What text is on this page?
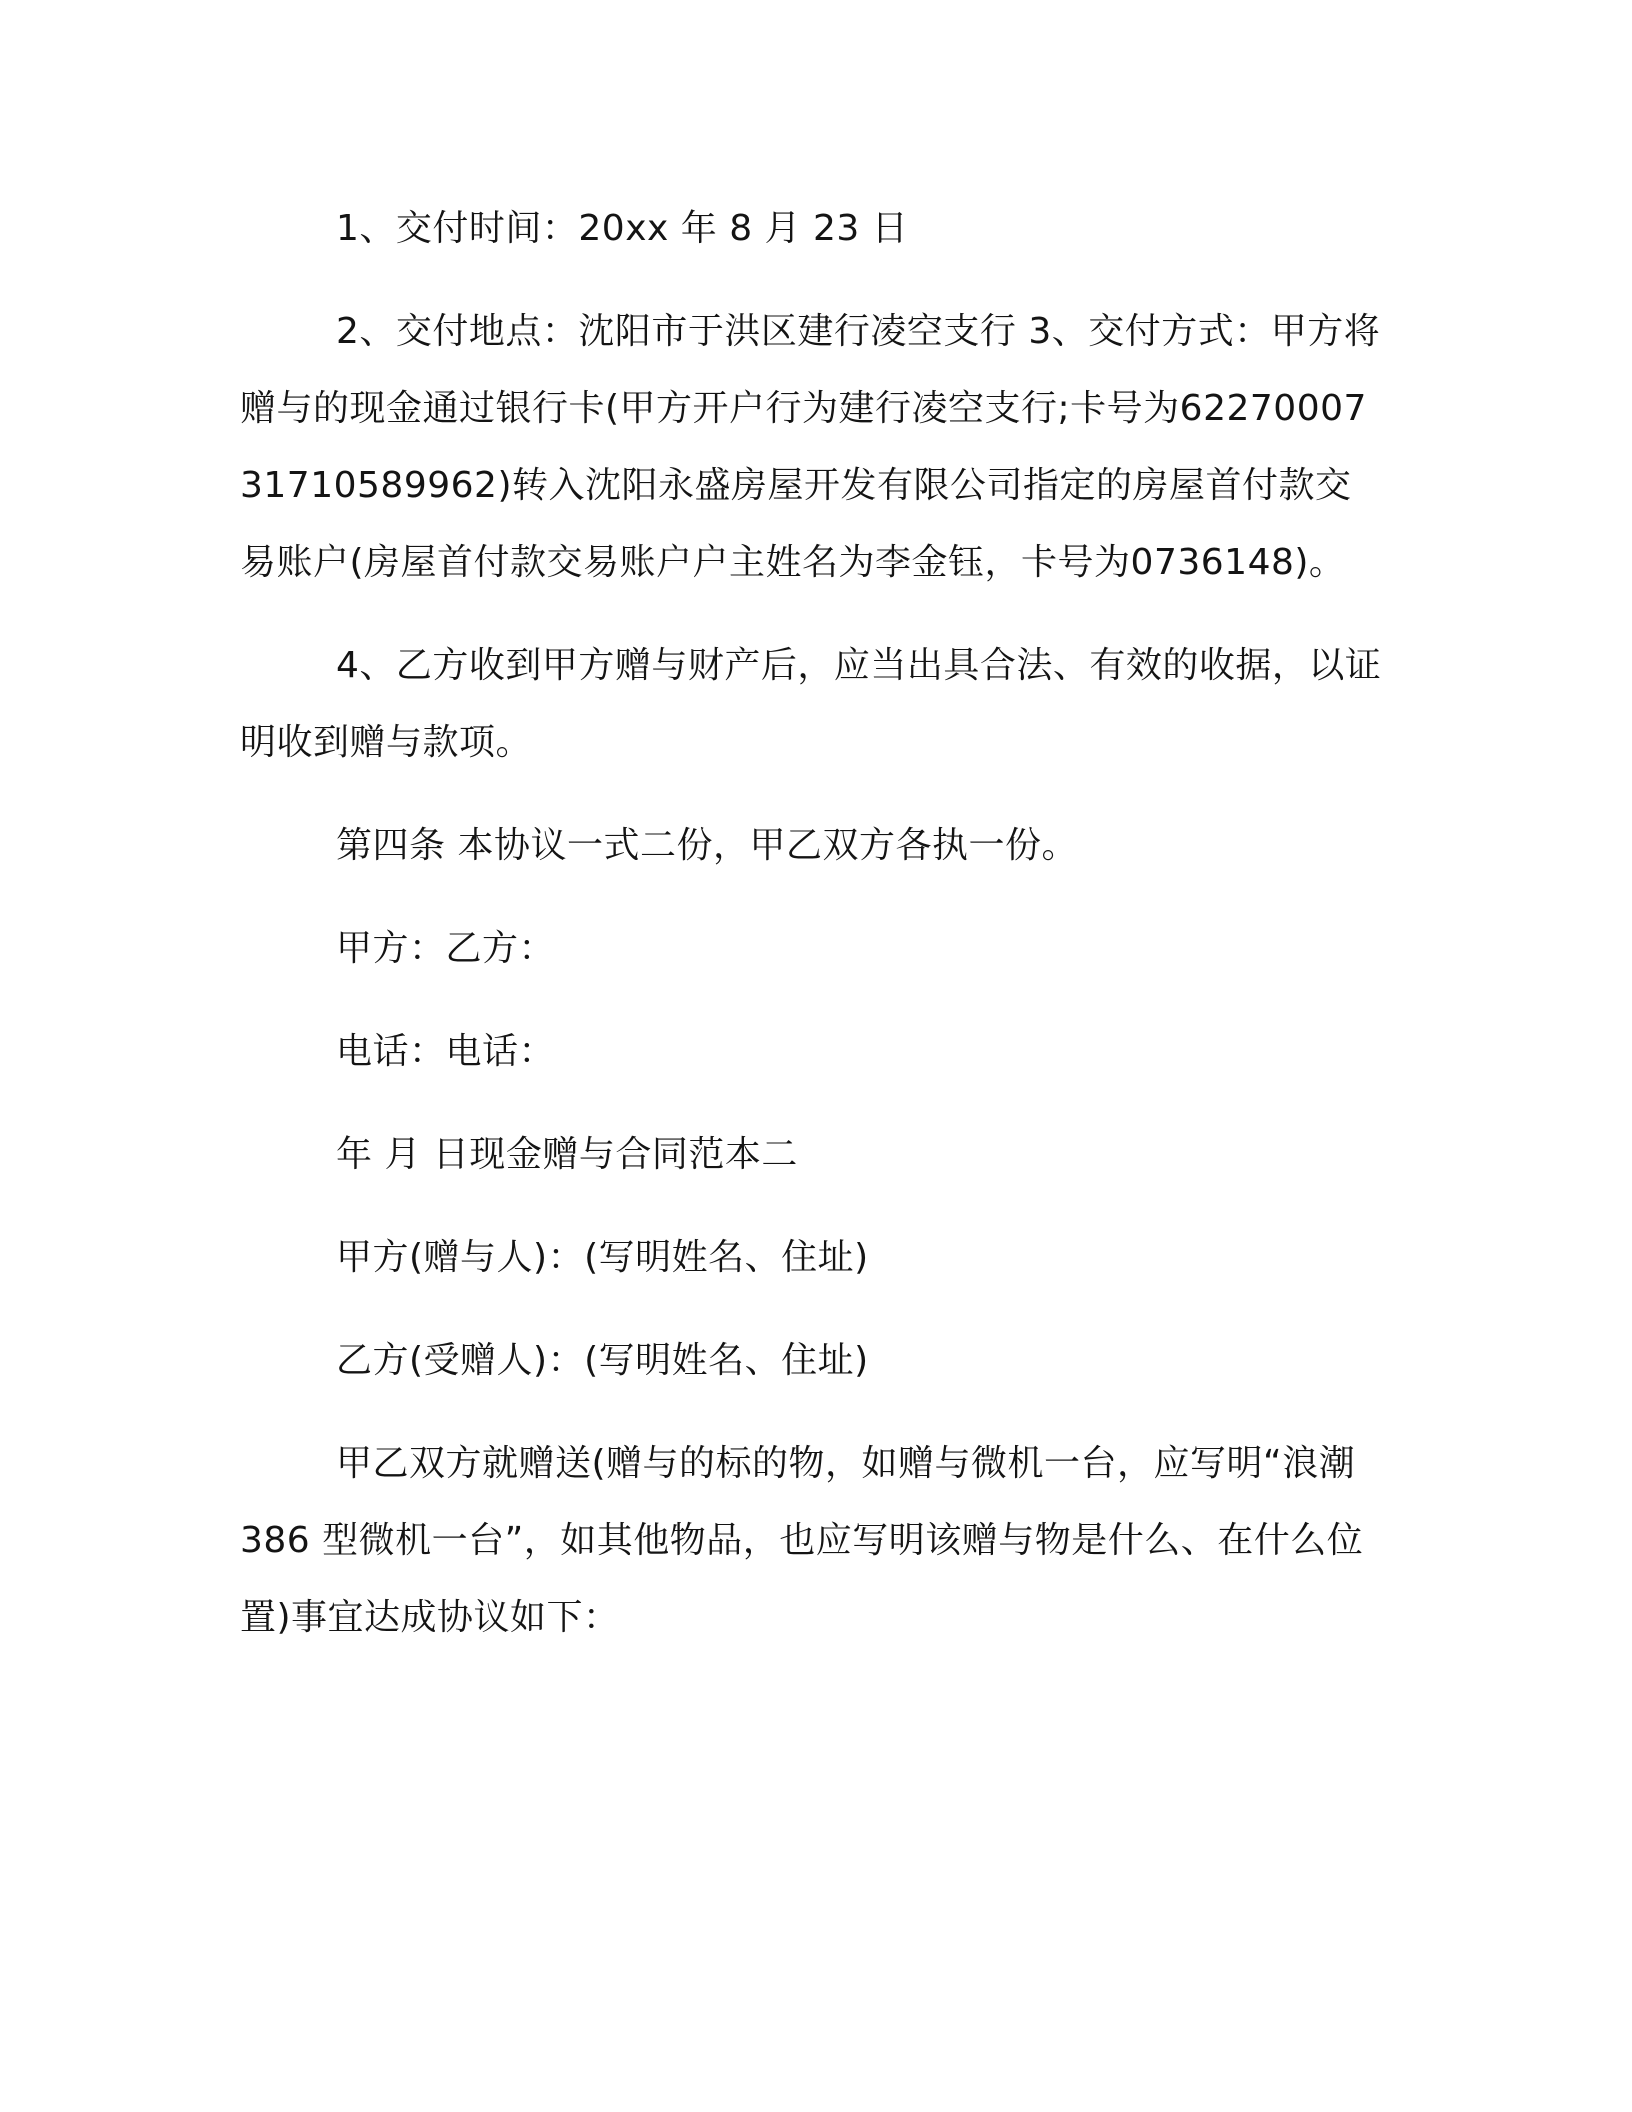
1、交付时间：20xx 年 8 月 23 日

2、交付地点：沈阳市于洪区建行凌空支行 3、交付方式：甲方将赠与的现金通过银行卡(甲方开户行为建行凌空支行;卡号为6227000731710589962)转入沈阳永盛房屋开发有限公司指定的房屋首付款交易账户(房屋首付款交易账户户主姓名为李金钰，卡号为0736148)。

4、乙方收到甲方赠与财产后，应当出具合法、有效的收据，以证明收到赠与款项。

第四条 本协议一式二份，甲乙双方各执一份。

甲方：乙方：

电话：电话：

年 月 日现金赠与合同范本二

甲方(赠与人)：(写明姓名、住址)

乙方(受赠人)：(写明姓名、住址)

甲乙双方就赠送(赠与的标的物，如赠与微机一台，应写明“浪潮 386 型微机一台”，如其他物品，也应写明该赠与物是什么、在什么位置)事宜达成协议如下：
